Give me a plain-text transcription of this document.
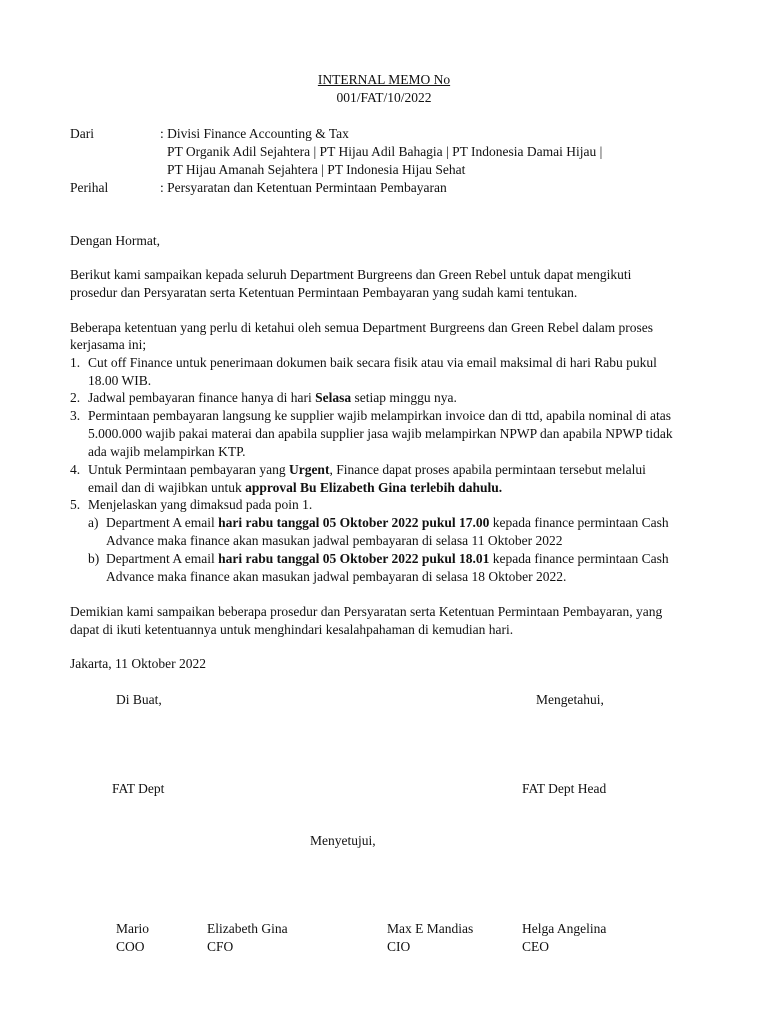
INTERNAL MEMO No
001/FAT/10/2022
Dari	: Divisi Finance Accounting & Tax
PT Organik Adil Sejahtera | PT Hijau Adil Bahagia | PT Indonesia Damai Hijau |
PT Hijau Amanah Sejahtera | PT Indonesia Hijau Sehat
Perihal	: Persyaratan dan Ketentuan Permintaan Pembayaran
Dengan Hormat,
Berikut kami sampaikan kepada seluruh Department Burgreens dan Green Rebel untuk dapat mengikuti
prosedur dan Persyaratan serta Ketentuan Permintaan Pembayaran yang sudah kami tentukan.
Beberapa ketentuan yang perlu di ketahui oleh semua Department Burgreens dan Green Rebel dalam proses
kerjasama ini;
1. Cut off Finance untuk penerimaan dokumen baik secara fisik atau via email maksimal di hari Rabu pukul
18.00 WIB.
2. Jadwal pembayaran finance hanya di hari Selasa setiap minggu nya.
3. Permintaan pembayaran langsung ke supplier wajib melampirkan invoice dan di ttd, apabila nominal di atas
5.000.000 wajib pakai materai dan apabila supplier jasa wajib melampirkan NPWP dan apabila NPWP tidak
ada wajib melampirkan KTP.
4. Untuk Permintaan pembayaran yang Urgent, Finance dapat proses apabila permintaan tersebut melalui
email dan di wajibkan untuk approval Bu Elizabeth Gina terlebih dahulu.
5. Menjelaskan yang dimaksud pada poin 1.
a) Department A email hari rabu tanggal 05 Oktober 2022 pukul 17.00 kepada finance permintaan Cash
Advance maka finance akan masukan jadwal pembayaran di selasa 11 Oktober 2022
b) Department A email hari rabu tanggal 05 Oktober 2022 pukul 18.01 kepada finance permintaan Cash
Advance maka finance akan masukan jadwal pembayaran di selasa 18 Oktober 2022.
Demikian kami sampaikan beberapa prosedur dan Persyaratan serta Ketentuan Permintaan Pembayaran, yang
dapat di ikuti ketentuannya untuk menghindari kesalahpahaman di kemudian hari.
Jakarta, 11 Oktober 2022
Di Buat,	Mengetahui,
FAT Dept	FAT Dept Head
Menyetujui,
Mario
COO
Elizabeth Gina
CFO
Max E Mandias
CIO
Helga Angelina
CEO
